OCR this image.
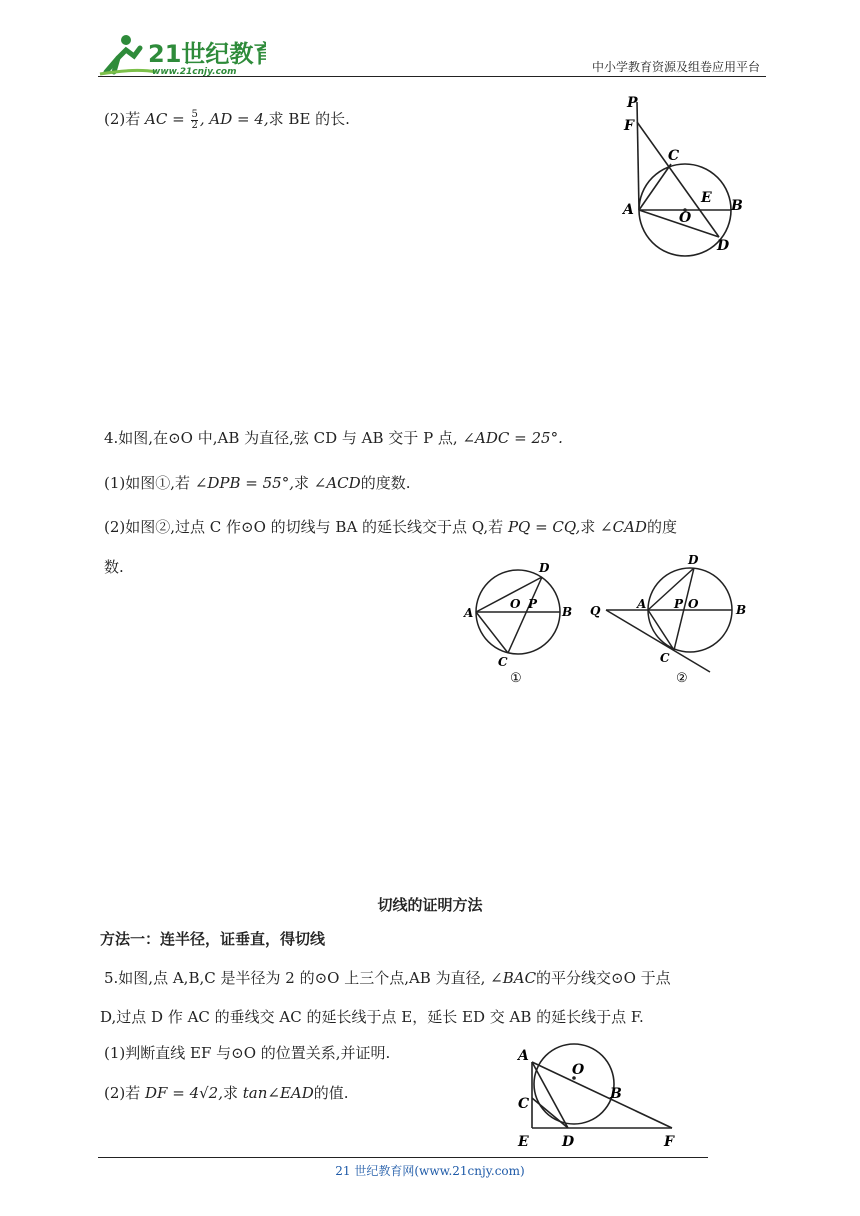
21世纪教育
www.21cnjy.com	中小学教育资源及组卷应用平台
(2)若 AC = $\frac{5}{2}$ , AD = 4,求 BE 的长.
P
F
C
A	O
E B
D
4.如图,在⊙O 中,AB 为直径,弦 CD 与 AB 交于 P 点, ∠ADC = 25°.
(1)如图①,若 ∠DPB = 55°,求 ∠ACD的度数.
(2)如图②,过点 C 作⊙O 的切线与 BA 的延长线交于点 Q,若 PQ = CQ,求 ∠CAD的度
数.	D
A
O P
B
C
①
D
Q	A P O	B
C
②
切线的证明方法
方法一：连半径，证垂直，得切线
5.如图,点 A,B,C 是半径为 2 的⊙O 上三个点,AB 为直径, ∠BAC的平分线交⊙O 于点
D,过点 D 作 AC 的垂线交 AC 的延长线于点 E，延长 ED 交 AB 的延长线于点 F.
(1)判断直线 EF 与⊙O 的位置关系,并证明.
(2)若 DF = 4√2,求 tan∠EAD的值.
A
O
B
C
E D	F
21 世纪教育网(www.21cnjy.com)
